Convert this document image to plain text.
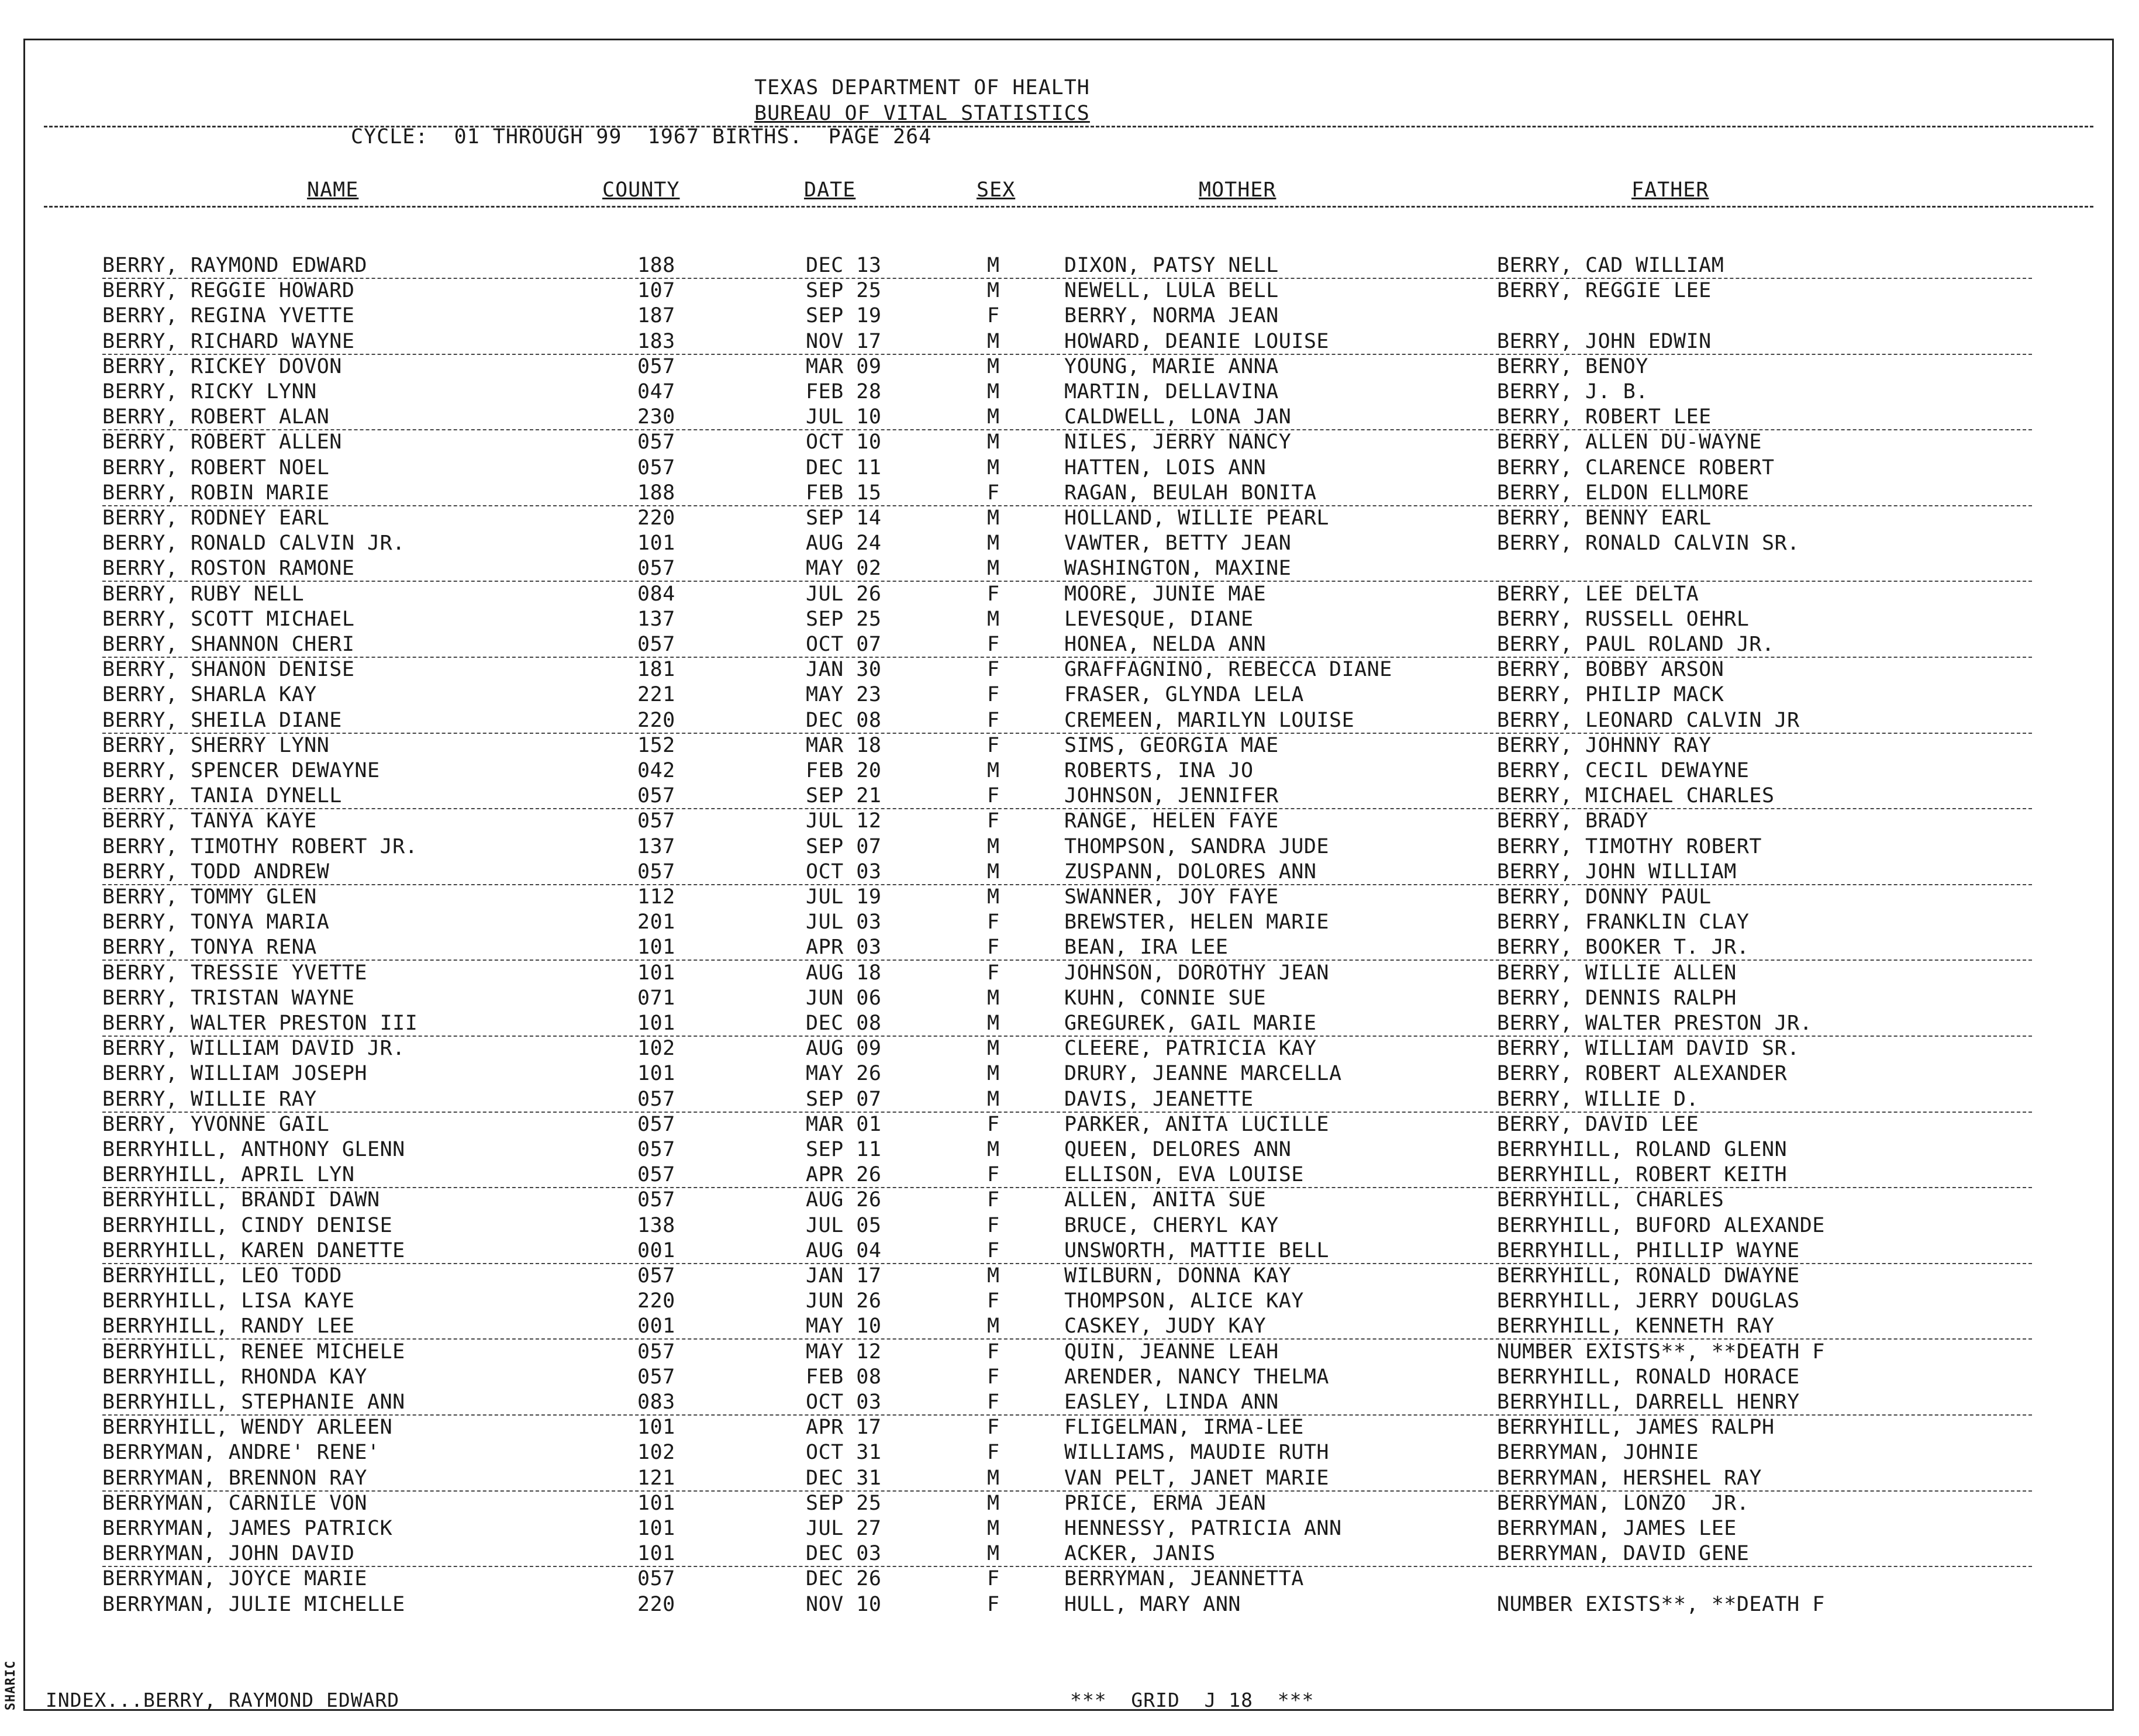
SHARIC
TEXAS DEPARTMENT OF HEALTH
BUREAU OF VITAL STATISTICS
CYCLE:  01 THROUGH 99  1967 BIRTHS.  PAGE 264
NAME	COUNTY	DATE	SEX	MOTHER	FATHER
BERRY, RAYMOND EDWARD	188	DEC 13	M	DIXON, PATSY NELL	BERRY, CAD WILLIAM
BERRY, REGGIE HOWARD	107	SEP 25	M	NEWELL, LULA BELL	BERRY, REGGIE LEE
BERRY, REGINA YVETTE	187	SEP 19	F	BERRY, NORMA JEAN
BERRY, RICHARD WAYNE	183	NOV 17	M	HOWARD, DEANIE LOUISE	BERRY, JOHN EDWIN
BERRY, RICKEY DOVON	057	MAR 09	M	YOUNG, MARIE ANNA	BERRY, BENOY
BERRY, RICKY LYNN	047	FEB 28	M	MARTIN, DELLAVINA	BERRY, J. B.
BERRY, ROBERT ALAN	230	JUL 10	M	CALDWELL, LONA JAN	BERRY, ROBERT LEE
BERRY, ROBERT ALLEN	057	OCT 10	M	NILES, JERRY NANCY	BERRY, ALLEN DU-WAYNE
BERRY, ROBERT NOEL	057	DEC 11	M	HATTEN, LOIS ANN	BERRY, CLARENCE ROBERT
BERRY, ROBIN MARIE	188	FEB 15	F	RAGAN, BEULAH BONITA	BERRY, ELDON ELLMORE
BERRY, RODNEY EARL	220	SEP 14	M	HOLLAND, WILLIE PEARL	BERRY, BENNY EARL
BERRY, RONALD CALVIN JR.	101	AUG 24	M	VAWTER, BETTY JEAN	BERRY, RONALD CALVIN SR.
BERRY, ROSTON RAMONE	057	MAY 02	M	WASHINGTON, MAXINE
BERRY, RUBY NELL	084	JUL 26	F	MOORE, JUNIE MAE	BERRY, LEE DELTA
BERRY, SCOTT MICHAEL	137	SEP 25	M	LEVESQUE, DIANE	BERRY, RUSSELL OEHRL
BERRY, SHANNON CHERI	057	OCT 07	F	HONEA, NELDA ANN	BERRY, PAUL ROLAND JR.
BERRY, SHANON DENISE	181	JAN 30	F	GRAFFAGNINO, REBECCA DIANE	BERRY, BOBBY ARSON
BERRY, SHARLA KAY	221	MAY 23	F	FRASER, GLYNDA LELA	BERRY, PHILIP MACK
BERRY, SHEILA DIANE	220	DEC 08	F	CREMEEN, MARILYN LOUISE	BERRY, LEONARD CALVIN JR
BERRY, SHERRY LYNN	152	MAR 18	F	SIMS, GEORGIA MAE	BERRY, JOHNNY RAY
BERRY, SPENCER DEWAYNE	042	FEB 20	M	ROBERTS, INA JO	BERRY, CECIL DEWAYNE
BERRY, TANIA DYNELL	057	SEP 21	F	JOHNSON, JENNIFER	BERRY, MICHAEL CHARLES
BERRY, TANYA KAYE	057	JUL 12	F	RANGE, HELEN FAYE	BERRY, BRADY
BERRY, TIMOTHY ROBERT JR.	137	SEP 07	M	THOMPSON, SANDRA JUDE	BERRY, TIMOTHY ROBERT
BERRY, TODD ANDREW	057	OCT 03	M	ZUSPANN, DOLORES ANN	BERRY, JOHN WILLIAM
BERRY, TOMMY GLEN	112	JUL 19	M	SWANNER, JOY FAYE	BERRY, DONNY PAUL
BERRY, TONYA MARIA	201	JUL 03	F	BREWSTER, HELEN MARIE	BERRY, FRANKLIN CLAY
BERRY, TONYA RENA	101	APR 03	F	BEAN, IRA LEE	BERRY, BOOKER T. JR.
BERRY, TRESSIE YVETTE	101	AUG 18	F	JOHNSON, DOROTHY JEAN	BERRY, WILLIE ALLEN
BERRY, TRISTAN WAYNE	071	JUN 06	M	KUHN, CONNIE SUE	BERRY, DENNIS RALPH
BERRY, WALTER PRESTON III	101	DEC 08	M	GREGUREK, GAIL MARIE	BERRY, WALTER PRESTON JR.
BERRY, WILLIAM DAVID JR.	102	AUG 09	M	CLEERE, PATRICIA KAY	BERRY, WILLIAM DAVID SR.
BERRY, WILLIAM JOSEPH	101	MAY 26	M	DRURY, JEANNE MARCELLA	BERRY, ROBERT ALEXANDER
BERRY, WILLIE RAY	057	SEP 07	M	DAVIS, JEANETTE	BERRY, WILLIE D.
BERRY, YVONNE GAIL	057	MAR 01	F	PARKER, ANITA LUCILLE	BERRY, DAVID LEE
BERRYHILL, ANTHONY GLENN	057	SEP 11	M	QUEEN, DELORES ANN	BERRYHILL, ROLAND GLENN
BERRYHILL, APRIL LYN	057	APR 26	F	ELLISON, EVA LOUISE	BERRYHILL, ROBERT KEITH
BERRYHILL, BRANDI DAWN	057	AUG 26	F	ALLEN, ANITA SUE	BERRYHILL, CHARLES
BERRYHILL, CINDY DENISE	138	JUL 05	F	BRUCE, CHERYL KAY	BERRYHILL, BUFORD ALEXANDE
BERRYHILL, KAREN DANETTE	001	AUG 04	F	UNSWORTH, MATTIE BELL	BERRYHILL, PHILLIP WAYNE
BERRYHILL, LEO TODD	057	JAN 17	M	WILBURN, DONNA KAY	BERRYHILL, RONALD DWAYNE
BERRYHILL, LISA KAYE	220	JUN 26	F	THOMPSON, ALICE KAY	BERRYHILL, JERRY DOUGLAS
BERRYHILL, RANDY LEE	001	MAY 10	M	CASKEY, JUDY KAY	BERRYHILL, KENNETH RAY
BERRYHILL, RENEE MICHELE	057	MAY 12	F	QUIN, JEANNE LEAH	NUMBER EXISTS**, **DEATH F
BERRYHILL, RHONDA KAY	057	FEB 08	F	ARENDER, NANCY THELMA	BERRYHILL, RONALD HORACE
BERRYHILL, STEPHANIE ANN	083	OCT 03	F	EASLEY, LINDA ANN	BERRYHILL, DARRELL HENRY
BERRYHILL, WENDY ARLEEN	101	APR 17	F	FLIGELMAN, IRMA-LEE	BERRYHILL, JAMES RALPH
BERRYMAN, ANDRE' RENE'	102	OCT 31	F	WILLIAMS, MAUDIE RUTH	BERRYMAN, JOHNIE
BERRYMAN, BRENNON RAY	121	DEC 31	M	VAN PELT, JANET MARIE	BERRYMAN, HERSHEL RAY
BERRYMAN, CARNILE VON	101	SEP 25	M	PRICE, ERMA JEAN	BERRYMAN, LONZO  JR.
BERRYMAN, JAMES PATRICK	101	JUL 27	M	HENNESSY, PATRICIA ANN	BERRYMAN, JAMES LEE
BERRYMAN, JOHN DAVID	101	DEC 03	M	ACKER, JANIS	BERRYMAN, DAVID GENE
BERRYMAN, JOYCE MARIE	057	DEC 26	F	BERRYMAN, JEANNETTA
BERRYMAN, JULIE MICHELLE	220	NOV 10	F	HULL, MARY ANN	NUMBER EXISTS**, **DEATH F
INDEX...BERRY, RAYMOND EDWARD	***  GRID  J 18  ***
